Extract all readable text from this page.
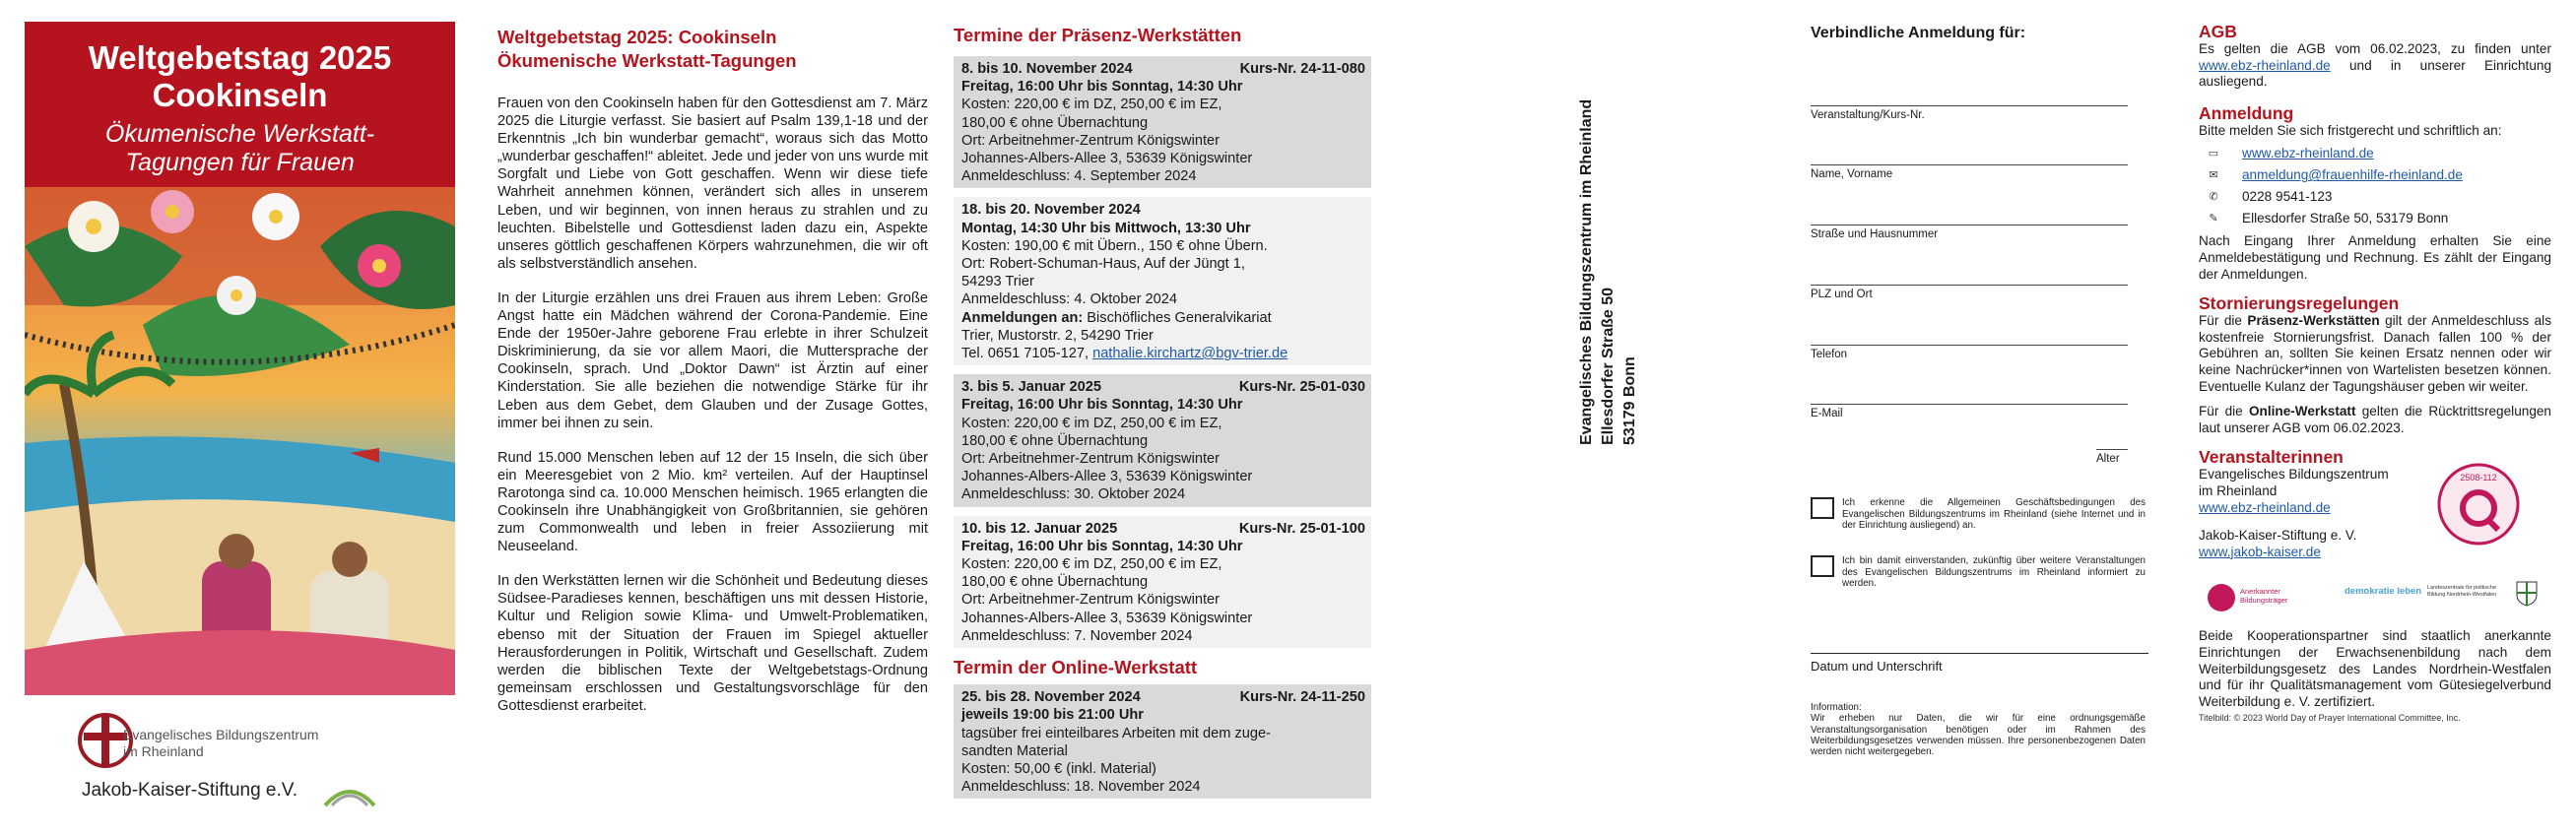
Weltgebetstag 2025
Cookinseln
Ökumenische Werkstatt-
Tagungen für Frauen
Evangelisches Bildungszentrum
im Rheinland
Jakob-Kaiser-Stiftung e.V.
Weltgebetstag 2025: Cookinseln
Ökumenische Werkstatt-Tagungen

Frauen von den Cookinseln haben für den Gottesdienst am 7. März 2025 die Liturgie verfasst. Sie basiert auf Psalm 139,1-18 und der Erkenntnis „Ich bin wunderbar gemacht“, woraus sich das Motto „wunderbar geschaffen!“ ableitet. Jede und jeder von uns wurde mit Sorgfalt und Liebe von Gott geschaffen. Wenn wir diese tiefe Wahrheit annehmen können, verändert sich alles in unserem Leben, und wir beginnen, von innen heraus zu strahlen und zu leuchten. Bibelstelle und Gottesdienst laden dazu ein, Aspekte unseres göttlich geschaffenen Körpers wahrzunehmen, die wir oft als selbstverständlich ansehen.

In der Liturgie erzählen uns drei Frauen aus ihrem Leben: Große Angst hatte ein Mädchen während der Corona-Pandemie. Eine Ende der 1950er-Jahre geborene Frau erlebte in ihrer Schulzeit Diskriminierung, da sie vor allem Maori, die Muttersprache der Cookinseln, sprach. Und „Doktor Dawn“ ist Ärztin auf einer Kinderstation. Sie alle beziehen die notwendige Stärke für ihr Leben aus dem Gebet, dem Glauben und der Zusage Gottes, immer bei ihnen zu sein.

Rund 15.000 Menschen leben auf 12 der 15 Inseln, die sich über ein Meeresgebiet von 2 Mio. km² verteilen. Auf der Hauptinsel Rarotonga sind ca. 10.000 Menschen heimisch. 1965 erlangten die Cookinseln ihre Unabhängigkeit von Großbritannien, sie gehören zum Commonwealth und leben in freier Assoziierung mit Neuseeland.

In den Werkstätten lernen wir die Schönheit und Bedeutung dieses Südsee-Paradieses kennen, beschäftigen uns mit dessen Historie, Kultur und Religion sowie Klima- und Umwelt-Problematiken, ebenso mit der Situation der Frauen im Spiegel aktueller Herausforderungen in Politik, Wirtschaft und Gesellschaft. Zudem werden die biblischen Texte der Weltgebetstags-Ordnung gemeinsam erschlossen und Gestaltungsvorschläge für den Gottesdienst erarbeitet.

Termine der Präsenz-Werkstätten
8. bis 10. November 2024	Kurs-Nr. 24-11-080
Freitag, 16:00 Uhr bis Sonntag, 14:30 Uhr
Kosten: 220,00 € im DZ, 250,00 € im EZ,
180,00 € ohne Übernachtung
Ort: Arbeitnehmer-Zentrum Königswinter
Johannes-Albers-Allee 3, 53639 Königswinter
Anmeldeschluss: 4. September 2024
18. bis 20. November 2024
Montag, 14:30 Uhr bis Mittwoch, 13:30 Uhr
Kosten: 190,00 € mit Übern., 150 € ohne Übern.
Ort: Robert-Schuman-Haus, Auf der Jüngt 1,
54293 Trier
Anmeldeschluss: 4. Oktober 2024
Anmeldungen an: Bischöfliches Generalvikariat
Trier, Mustorstr. 2, 54290 Trier
Tel. 0651 7105-127, nathalie.kirchartz@bgv-trier.de
3. bis 5. Januar 2025	Kurs-Nr. 25-01-030
Freitag, 16:00 Uhr bis Sonntag, 14:30 Uhr
Kosten: 220,00 € im DZ, 250,00 € im EZ,
180,00 € ohne Übernachtung
Ort: Arbeitnehmer-Zentrum Königswinter
Johannes-Albers-Allee 3, 53639 Königswinter
Anmeldeschluss: 30. Oktober 2024
10. bis 12. Januar 2025	Kurs-Nr. 25-01-100
Freitag, 16:00 Uhr bis Sonntag, 14:30 Uhr
Kosten: 220,00 € im DZ, 250,00 € im EZ,
180,00 € ohne Übernachtung
Ort: Arbeitnehmer-Zentrum Königswinter
Johannes-Albers-Allee 3, 53639 Königswinter
Anmeldeschluss: 7. November 2024
Termin der Online-Werkstatt
25. bis 28. November 2024	Kurs-Nr. 24-11-250
jeweils 19:00 bis 21:00 Uhr
tagsüber frei einteilbares Arbeiten mit dem zuge-
sandten Material
Kosten: 50,00 € (inkl. Material)
Anmeldeschluss: 18. November 2024
Evangelisches Bildungszentrum im Rheinland Ellesdorfer Straße 50 53179 Bonn
Verbindliche Anmeldung für:
Veranstaltung/Kurs-Nr.
Name, Vorname
Straße und Hausnummer
PLZ und Ort
Telefon
E-Mail
Alter
Ich erkenne die Allgemeinen Geschäftsbedingungen des Evangelischen Bildungszentrums im Rheinland (siehe Internet und in der Einrichtung ausliegend) an.
Ich bin damit einverstanden, zukünftig über weitere Veranstaltungen des Evangelischen Bildungszentrums im Rheinland informiert zu werden.
Datum und Unterschrift
Information:
Wir erheben nur Daten, die wir für eine ordnungsgemäße Veranstaltungsorganisation benötigen oder im Rahmen des Weiterbildungsgesetzes verwenden müssen. Ihre personenbezogenen Daten werden nicht weitergegeben.
AGB
Es gelten die AGB vom 06.02.2023, zu finden unter www.ebz-rheinland.de und in unserer Einrichtung ausliegend.
Anmeldung
Bitte melden Sie sich fristgerecht und schriftlich an:
▭ www.ebz-rheinland.de
✉ anmeldung@frauenhilfe-rheinland.de
✆ 0228 9541-123
✎ Ellesdorfer Straße 50, 53179 Bonn
Nach Eingang Ihrer Anmeldung erhalten Sie eine Anmeldebestätigung und Rechnung. Es zählt der Eingang der Anmeldungen.
Stornierungsregelungen
Für die Präsenz-Werkstätten gilt der Anmeldeschluss als kostenfreie Stornierungsfrist. Danach fallen 100 % der Gebühren an, sollten Sie keinen Ersatz nennen oder wir keine Nachrücker*innen von Wartelisten besetzen können. Eventuelle Kulanz der Tagungshäuser geben wir weiter.
Für die Online-Werkstatt gelten die Rücktrittsregelungen laut unserer AGB vom 06.02.2023.
Veranstalterinnen
Evangelisches Bildungszentrum
im Rheinland
www.ebz-rheinland.de
Jakob-Kaiser-Stiftung e. V.
www.jakob-kaiser.de
2508-112
Anerkannter Bildungsträger
demokratie leben	Landeszentrale für politische Bildung Nordrhein-Westfalen
Beide Kooperationspartner sind staatlich anerkannte Einrichtungen der Erwachsenenbildung nach dem Weiterbildungsgesetz des Landes Nordrhein-Westfalen und für ihr Qualitätsmanagement vom Gütesiegelverbund Weiterbildung e. V. zertifiziert.
Titelbild: © 2023 World Day of Prayer International Committee, Inc.
